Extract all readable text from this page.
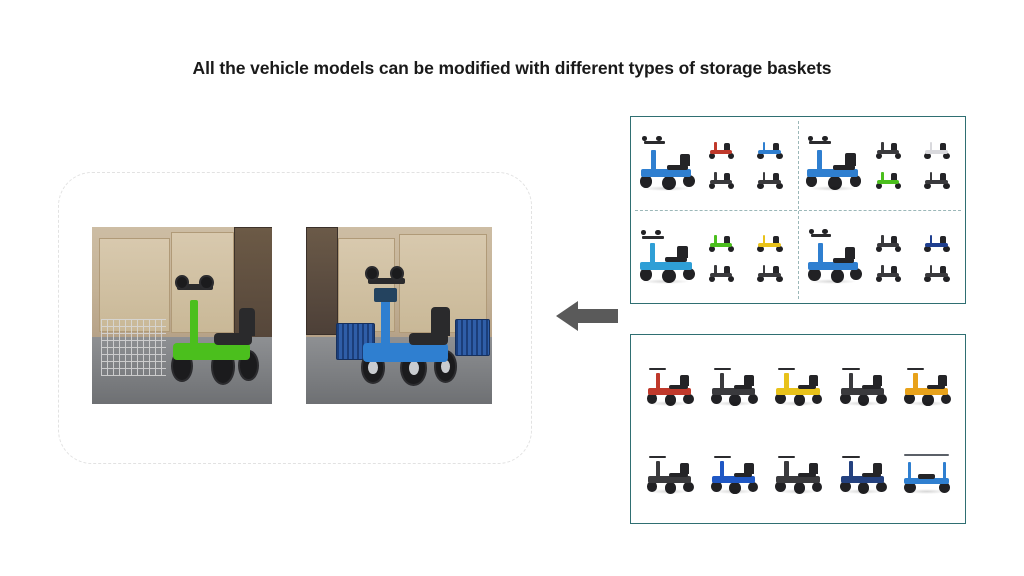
All the vehicle models can be modified with different types of storage baskets
